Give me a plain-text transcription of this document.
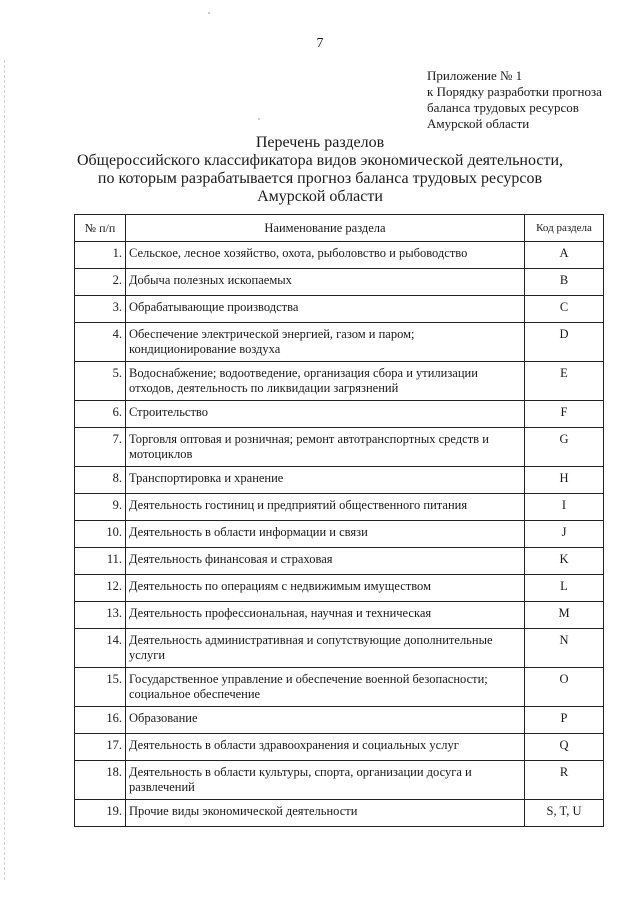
7
Приложение № 1
к Порядку разработки прогноза
баланса трудовых ресурсов
Амурской области
Перечень разделов
Общероссийского классификатора видов экономической деятельности,
по которым разрабатывается прогноз баланса трудовых ресурсов
Амурской области
№ п/п	Наименование раздела	Код раздела
1.	Сельское, лесное хозяйство, охота, рыболовство и рыбоводство	A
2.	Добыча полезных ископаемых	B
3.	Обрабатывающие производства	C
4.	Обеспечение электрической энергией, газом и паром; кондиционирование воздуха	D
5.	Водоснабжение; водоотведение, организация сбора и утилизации отходов, деятельность по ликвидации загрязнений	E
6.	Строительство	F
7.	Торговля оптовая и розничная; ремонт автотранспортных средств и мотоциклов	G
8.	Транспортировка и хранение	H
9.	Деятельность гостиниц и предприятий общественного питания	I
10.	Деятельность в области информации и связи	J
11.	Деятельность финансовая и страховая	K
12.	Деятельность по операциям с недвижимым имуществом	L
13.	Деятельность профессиональная, научная и техническая	M
14.	Деятельность административная и сопутствующие дополнительные услуги	N
15.	Государственное управление и обеспечение военной безопасности; социальное обеспечение	O
16.	Образование	P
17.	Деятельность в области здравоохранения и социальных услуг	Q
18.	Деятельность в области культуры, спорта, организации досуга и развлечений	R
19.	Прочие виды экономической деятельности	S, T, U
